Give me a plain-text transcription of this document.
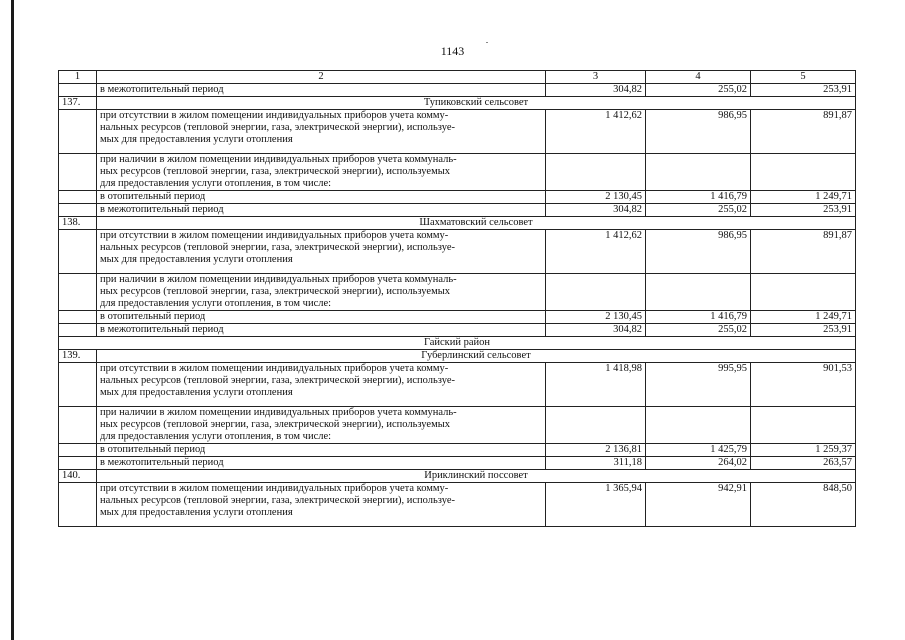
1143
1	2	3	4	5
	в межотопительный период	304,82	255,02	253,91
137.	Тупиковский сельсовет			

	при отсутствии в жилом помещении индивидуальных приборов учета комму-
нальных ресурсов (тепловой энергии, газа, электрической энергии), используе-
мых для предоставления услуги отопления	1 412,62	986,95	891,87

	при наличии в жилом помещении индивидуальных приборов учета коммуналь-
ных ресурсов (тепловой энергии, газа, электрической энергии), используемых
для предоставления услуги отопления, в том числе:			

	в отопительный период	2 130,45	1 416,79	1 249,71
	в межотопительный период	304,82	255,02	253,91
138.	Шахматовский сельсовет			

	при отсутствии в жилом помещении индивидуальных приборов учета комму-
нальных ресурсов (тепловой энергии, газа, электрической энергии), используе-
мых для предоставления услуги отопления	1 412,62	986,95	891,87

	при наличии в жилом помещении индивидуальных приборов учета коммуналь-
ных ресурсов (тепловой энергии, газа, электрической энергии), используемых
для предоставления услуги отопления, в том числе:			

	в отопительный период	2 130,45	1 416,79	1 249,71
	в межотопительный период	304,82	255,02	253,91
Гайский район				
139.	Губерлинский сельсовет			

	при отсутствии в жилом помещении индивидуальных приборов учета комму-
нальных ресурсов (тепловой энергии, газа, электрической энергии), используе-
мых для предоставления услуги отопления	1 418,98	995,95	901,53

	при наличии в жилом помещении индивидуальных приборов учета коммуналь-
ных ресурсов (тепловой энергии, газа, электрической энергии), используемых
для предоставления услуги отопления, в том числе:			

	в отопительный период	2 136,81	1 425,79	1 259,37
	в межотопительный период	311,18	264,02	263,57
140.	Ириклинский поссовет			

	при отсутствии в жилом помещении индивидуальных приборов учета комму-
нальных ресурсов (тепловой энергии, газа, электрической энергии), используе-
мых для предоставления услуги отопления	1 365,94	942,91	848,50
